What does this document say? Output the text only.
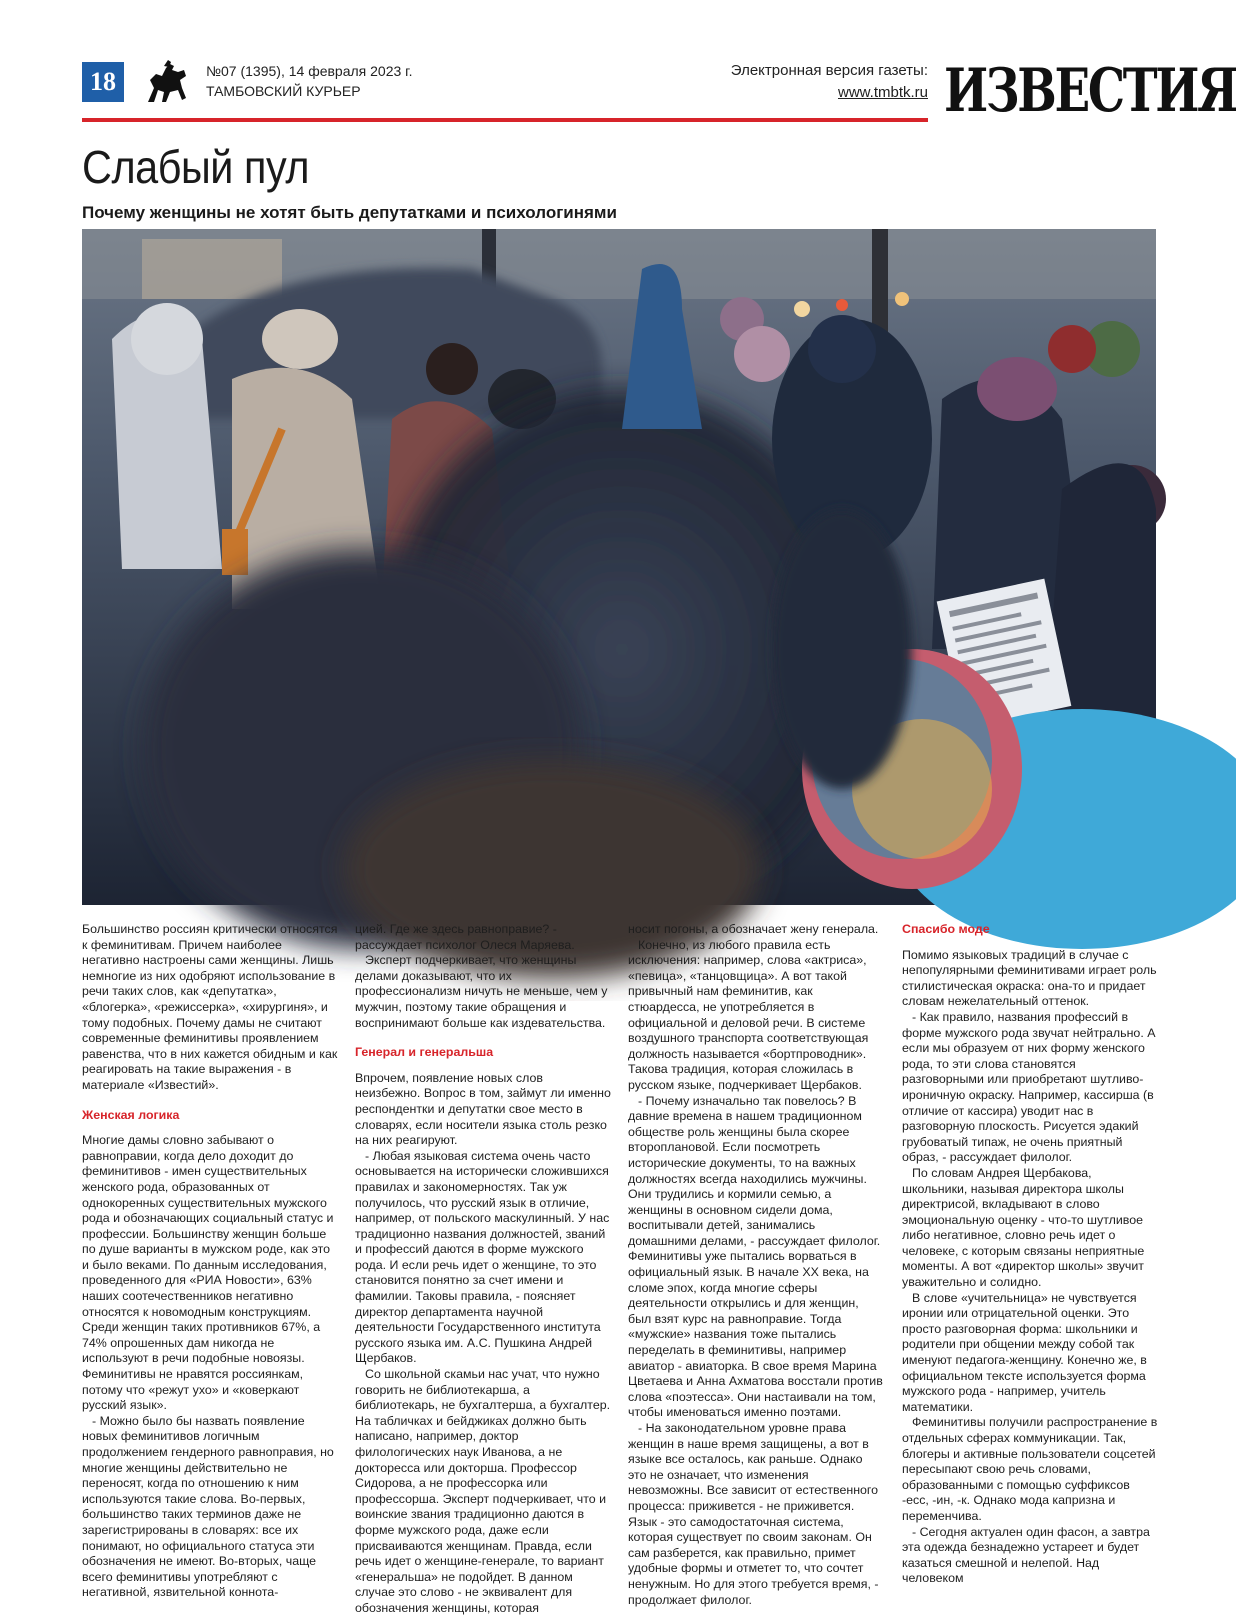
18	№07 (1395), 14 февраля 2023 г.
ТАМБОВСКИЙ КУРЬЕР
Электронная версия газеты:
www.tmbtk.ru ИЗВЕСТИЯ
Слабый пул
Почему женщины не хотят быть депутатками и психологинями

Большинство россиян критически относятся к феминитивам. Причем наиболее негативно настроены сами женщины. Лишь немногие из них одобряют использование в речи таких слов, как «депутатка», «блогерка», «режиссерка», «хирургиня», и тому подобных. Почему дамы не считают современные феминитивы проявлением равенства, что в них кажется обидным и как реагировать на такие выражения - в материале «Известий».

Женская логика

Многие дамы словно забывают о равноправии, когда дело доходит до феминитивов - имен существительных женского рода, образованных от однокоренных существительных мужского рода и обозначающих социальный статус и профессии. Большинству женщин больше по душе варианты в мужском роде, как это и было веками. По данным исследования, проведенного для «РИА Новости», 63% наших соотечественников негативно относятся к новомодным конструкциям. Среди женщин таких противников 67%, а 74% опрошенных дам никогда не используют в речи подобные новоязы. Феминитивы не нравятся россиянкам, потому что «режут ухо» и «коверкают русский язык».

- Можно было бы назвать появление новых феминитивов логичным продолжением гендерного равноправия, но многие женщины действительно не переносят, когда по отношению к ним используются такие слова. Во-первых, большинство таких терминов даже не зарегистрированы в словарях: все их понимают, но официального статуса эти обозначения не имеют. Во-вторых, чаще всего феминитивы употребляют с негативной, язвительной коннота-

цией. Где же здесь равноправие? - рассуждает психолог Олеся Маряева.

Эксперт подчеркивает, что женщины делами доказывают, что их профессионализм ничуть не меньше, чем у мужчин, поэтому такие обращения и воспринимают больше как издевательства.

Генерал и генеральша

Впрочем, появление новых слов неизбежно. Вопрос в том, займут ли именно респондентки и депутатки свое место в словарях, если носители языка столь резко на них реагируют.

- Любая языковая система очень часто основывается на исторически сложившихся правилах и закономерностях. Так уж получилось, что русский язык в отличие, например, от польского маскулинный. У нас традиционно названия должностей, званий и профессий даются в форме мужского рода. И если речь идет о женщине, то это становится понятно за счет имени и фамилии. Таковы правила, - поясняет директор департамента научной деятельности Государственного института русского языка им. А.С. Пушкина Андрей Щербаков.

Со школьной скамьи нас учат, что нужно говорить не библиотекарша, а библиотекарь, не бухгалтерша, а бухгалтер. На табличках и бейджиках должно быть написано, например, доктор филологических наук Иванова, а не докторесса или докторша. Профессор Сидорова, а не профессорка или профессорша. Эксперт подчеркивает, что и воинские звания традиционно даются в форме мужского рода, даже если присваиваются женщинам. Правда, если речь идет о женщине-генерале, то вариант «генеральша» не подойдет. В данном случае это слово - не эквивалент для обозначения женщины, которая

носит погоны, а обозначает жену генерала.

Конечно, из любого правила есть исключения: например, слова «актриса», «певица», «танцовщица». А вот такой привычный нам феминитив, как стюардесса, не употребляется в официальной и деловой речи. В системе воздушного транспорта соответствующая должность называется «бортпроводник». Такова традиция, которая сложилась в русском языке, подчеркивает Щербаков.

- Почему изначально так повелось? В давние времена в нашем традиционном обществе роль женщины была скорее второплановой. Если посмотреть исторические документы, то на важных должностях всегда находились мужчины. Они трудились и кормили семью, а женщины в основном сидели дома, воспитывали детей, занимались домашними делами, - рассуждает филолог. Феминитивы уже пытались ворваться в официальный язык. В начале XX века, на сломе эпох, когда многие сферы деятельности открылись и для женщин, был взят курс на равноправие. Тогда «мужские» названия тоже пытались переделать в феминитивы, например авиатор - авиаторка. В свое время Марина Цветаева и Анна Ахматова восстали против слова «поэтесса». Они настаивали на том, чтобы именоваться именно поэтами.

- На законодательном уровне права женщин в наше время защищены, а вот в языке все осталось, как раньше. Однако это не означает, что изменения невозможны. Все зависит от естественного процесса: приживется - не приживется. Язык - это самодостаточная система, которая существует по своим законам. Он сам разберется, как правильно, примет удобные формы и отметет то, что сочтет ненужным. Но для этого требуется время, - продолжает филолог.

Спасибо моде

Помимо языковых традиций в случае с непопулярными феминитивами играет роль стилистическая окраска: она-то и придает словам нежелательный оттенок.

- Как правило, названия профессий в форме мужского рода звучат нейтрально. А если мы образуем от них форму женского рода, то эти слова становятся разговорными или приобретают шутливо-ироничную окраску. Например, кассирша (в отличие от кассира) уводит нас в разговорную плоскость. Рисуется эдакий грубоватый типаж, не очень приятный образ, - рассуждает филолог.

По словам Андрея Щербакова, школьники, называя директора школы директрисой, вкладывают в слово эмоциональную оценку - что-то шутливое либо негативное, словно речь идет о человеке, с которым связаны неприятные моменты. А вот «директор школы» звучит уважительно и солидно.

В слове «учительница» не чувствуется иронии или отрицательной оценки. Это просто разговорная форма: школьники и родители при общении между собой так именуют педагога-женщину. Конечно же, в официальном тексте используется форма мужского рода - например, учитель математики.

Феминитивы получили распространение в отдельных сферах коммуникации. Так, блогеры и активные пользователи соцсетей пересыпают свою речь словами, образованными с помощью суффиксов -есс, -ин, -к. Однако мода капризна и переменчива.

- Сегодня актуален один фасон, а завтра эта одежда безнадежно устареет и будет казаться смешной и нелепой. Над человеком
